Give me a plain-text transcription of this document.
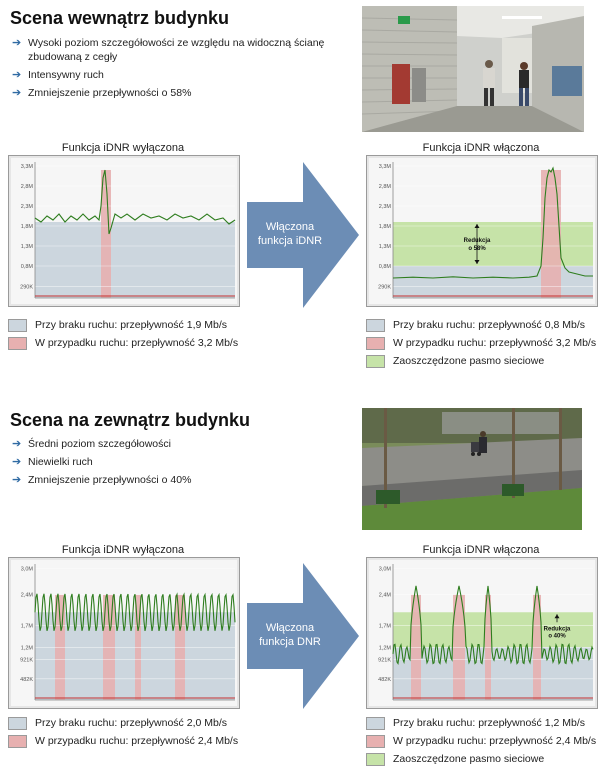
Scena wewnątrz budynku
➔ Wysoki poziom szczegółowości ze względu na widoczną ścianę zbudowaną z cegły
➔ Intensywny ruch
➔ Zmniejszenie przepływności o 58%
Funkcja iDNR wyłączona	Funkcja iDNR włączona
3,3M
2,8M
2,3M
1,8M
1,3M
0,8M
290K
3,3M
2,8M
2,3M
1,8M
1,3M
0,8M
290K
Redukcja
o 58%
Włączona
funkcja iDNR
Przy braku ruchu: przepływność 1,9 Mb/s
W przypadku ruchu: przepływność 3,2 Mb/s
Przy braku ruchu: przepływność 0,8 Mb/s
W przypadku ruchu: przepływność 3,2 Mb/s
Zaoszczędzone pasmo sieciowe
Scena na zewnątrz budynku
➔ Średni poziom szczegółowości
➔ Niewielki ruch
➔ Zmniejszenie przepływności o 40%
Funkcja iDNR wyłączona	Funkcja iDNR włączona
3,0M
2,4M
1,7M
1,2M
921K
482K
3,0M
2,4M
1,7M
1,2M
921K
482K
Redukcja
o 40%
Włączona
funkcja DNR
Przy braku ruchu: przepływność 2,0 Mb/s
W przypadku ruchu: przepływność 2,4 Mb/s
Przy braku ruchu: przepływność 1,2 Mb/s
W przypadku ruchu: przepływność 2,4 Mb/s
Zaoszczędzone pasmo sieciowe
